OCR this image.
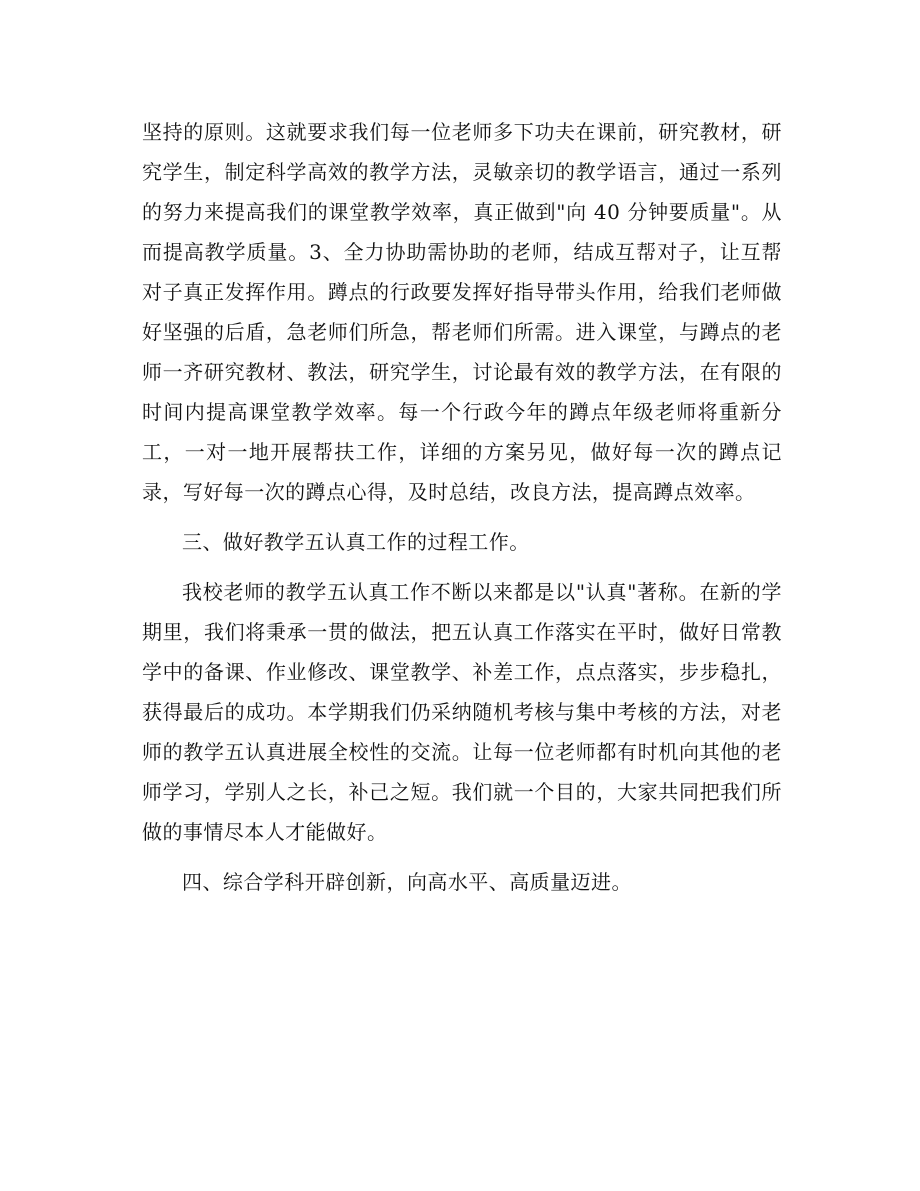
坚持的原则。这就要求我们每一位老师多下功夫在课前，研究教材，研究学生，制定科学高效的教学方法，灵敏亲切的教学语言，通过一系列的努力来提高我们的课堂教学效率，真正做到"向 40 分钟要质量"。从而提高教学质量。3、全力协助需协助的老师，结成互帮对子，让互帮对子真正发挥作用。蹲点的行政要发挥好指导带头作用，给我们老师做好坚强的后盾，急老师们所急，帮老师们所需。进入课堂，与蹲点的老师一齐研究教材、教法，研究学生，讨论最有效的教学方法，在有限的时间内提高课堂教学效率。每一个行政今年的蹲点年级老师将重新分工，一对一地开展帮扶工作，详细的方案另见，做好每一次的蹲点记录，写好每一次的蹲点心得，及时总结，改良方法，提高蹲点效率。

三、做好教学五认真工作的过程工作。

我校老师的教学五认真工作不断以来都是以"认真"著称。在新的学期里，我们将秉承一贯的做法，把五认真工作落实在平时，做好日常教学中的备课、作业修改、课堂教学、补差工作，点点落实，步步稳扎，获得最后的成功。本学期我们仍采纳随机考核与集中考核的方法，对老师的教学五认真进展全校性的交流。让每一位老师都有时机向其他的老师学习，学别人之长，补己之短。我们就一个目的，大家共同把我们所做的事情尽本人才能做好。

四、综合学科开辟创新，向高水平、高质量迈进。
